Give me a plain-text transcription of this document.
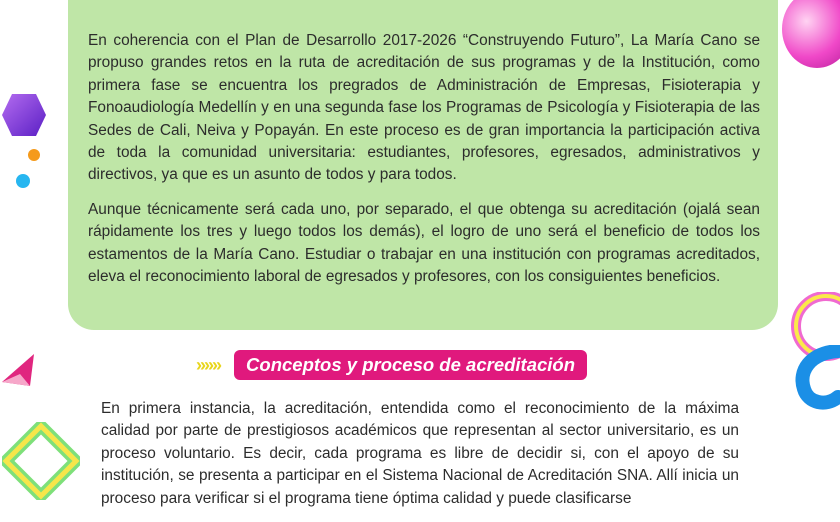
En coherencia con el Plan de Desarrollo 2017-2026 “Construyendo Futuro”, La María Cano se propuso grandes retos en la ruta de acreditación de sus programas y de la Institución, como primera fase se encuentra los pregrados de Administración de Empresas, Fisioterapia y Fonoaudiología Medellín y en una segunda fase los Programas de Psicología y Fisioterapia de las Sedes de Cali, Neiva y Popayán. En este proceso es de gran importancia la participación activa de toda la comunidad universitaria: estudiantes, profesores, egresados, administrativos y directivos, ya que es un asunto de todos y para todos.

Aunque técnicamente será cada uno, por separado, el que obtenga su acreditación (ojalá sean rápidamente los tres y luego todos los demás), el logro de uno será el beneficio de todos los estamentos de la María Cano. Estudiar o trabajar en una institución con programas acreditados, eleva el reconocimiento laboral de egresados y profesores, con los consiguientes beneficios.

»»»	Conceptos y proceso de acreditación

En primera instancia, la acreditación, entendida como el reconocimiento de la máxima calidad por parte de prestigiosos académicos que representan al sector universitario, es un proceso voluntario. Es decir, cada programa es libre de decidir si, con el apoyo de su institución, se presenta a participar en el Sistema Nacional de Acreditación SNA. Allí inicia un proceso para verificar si el programa tiene óptima calidad y puede clasificarse
